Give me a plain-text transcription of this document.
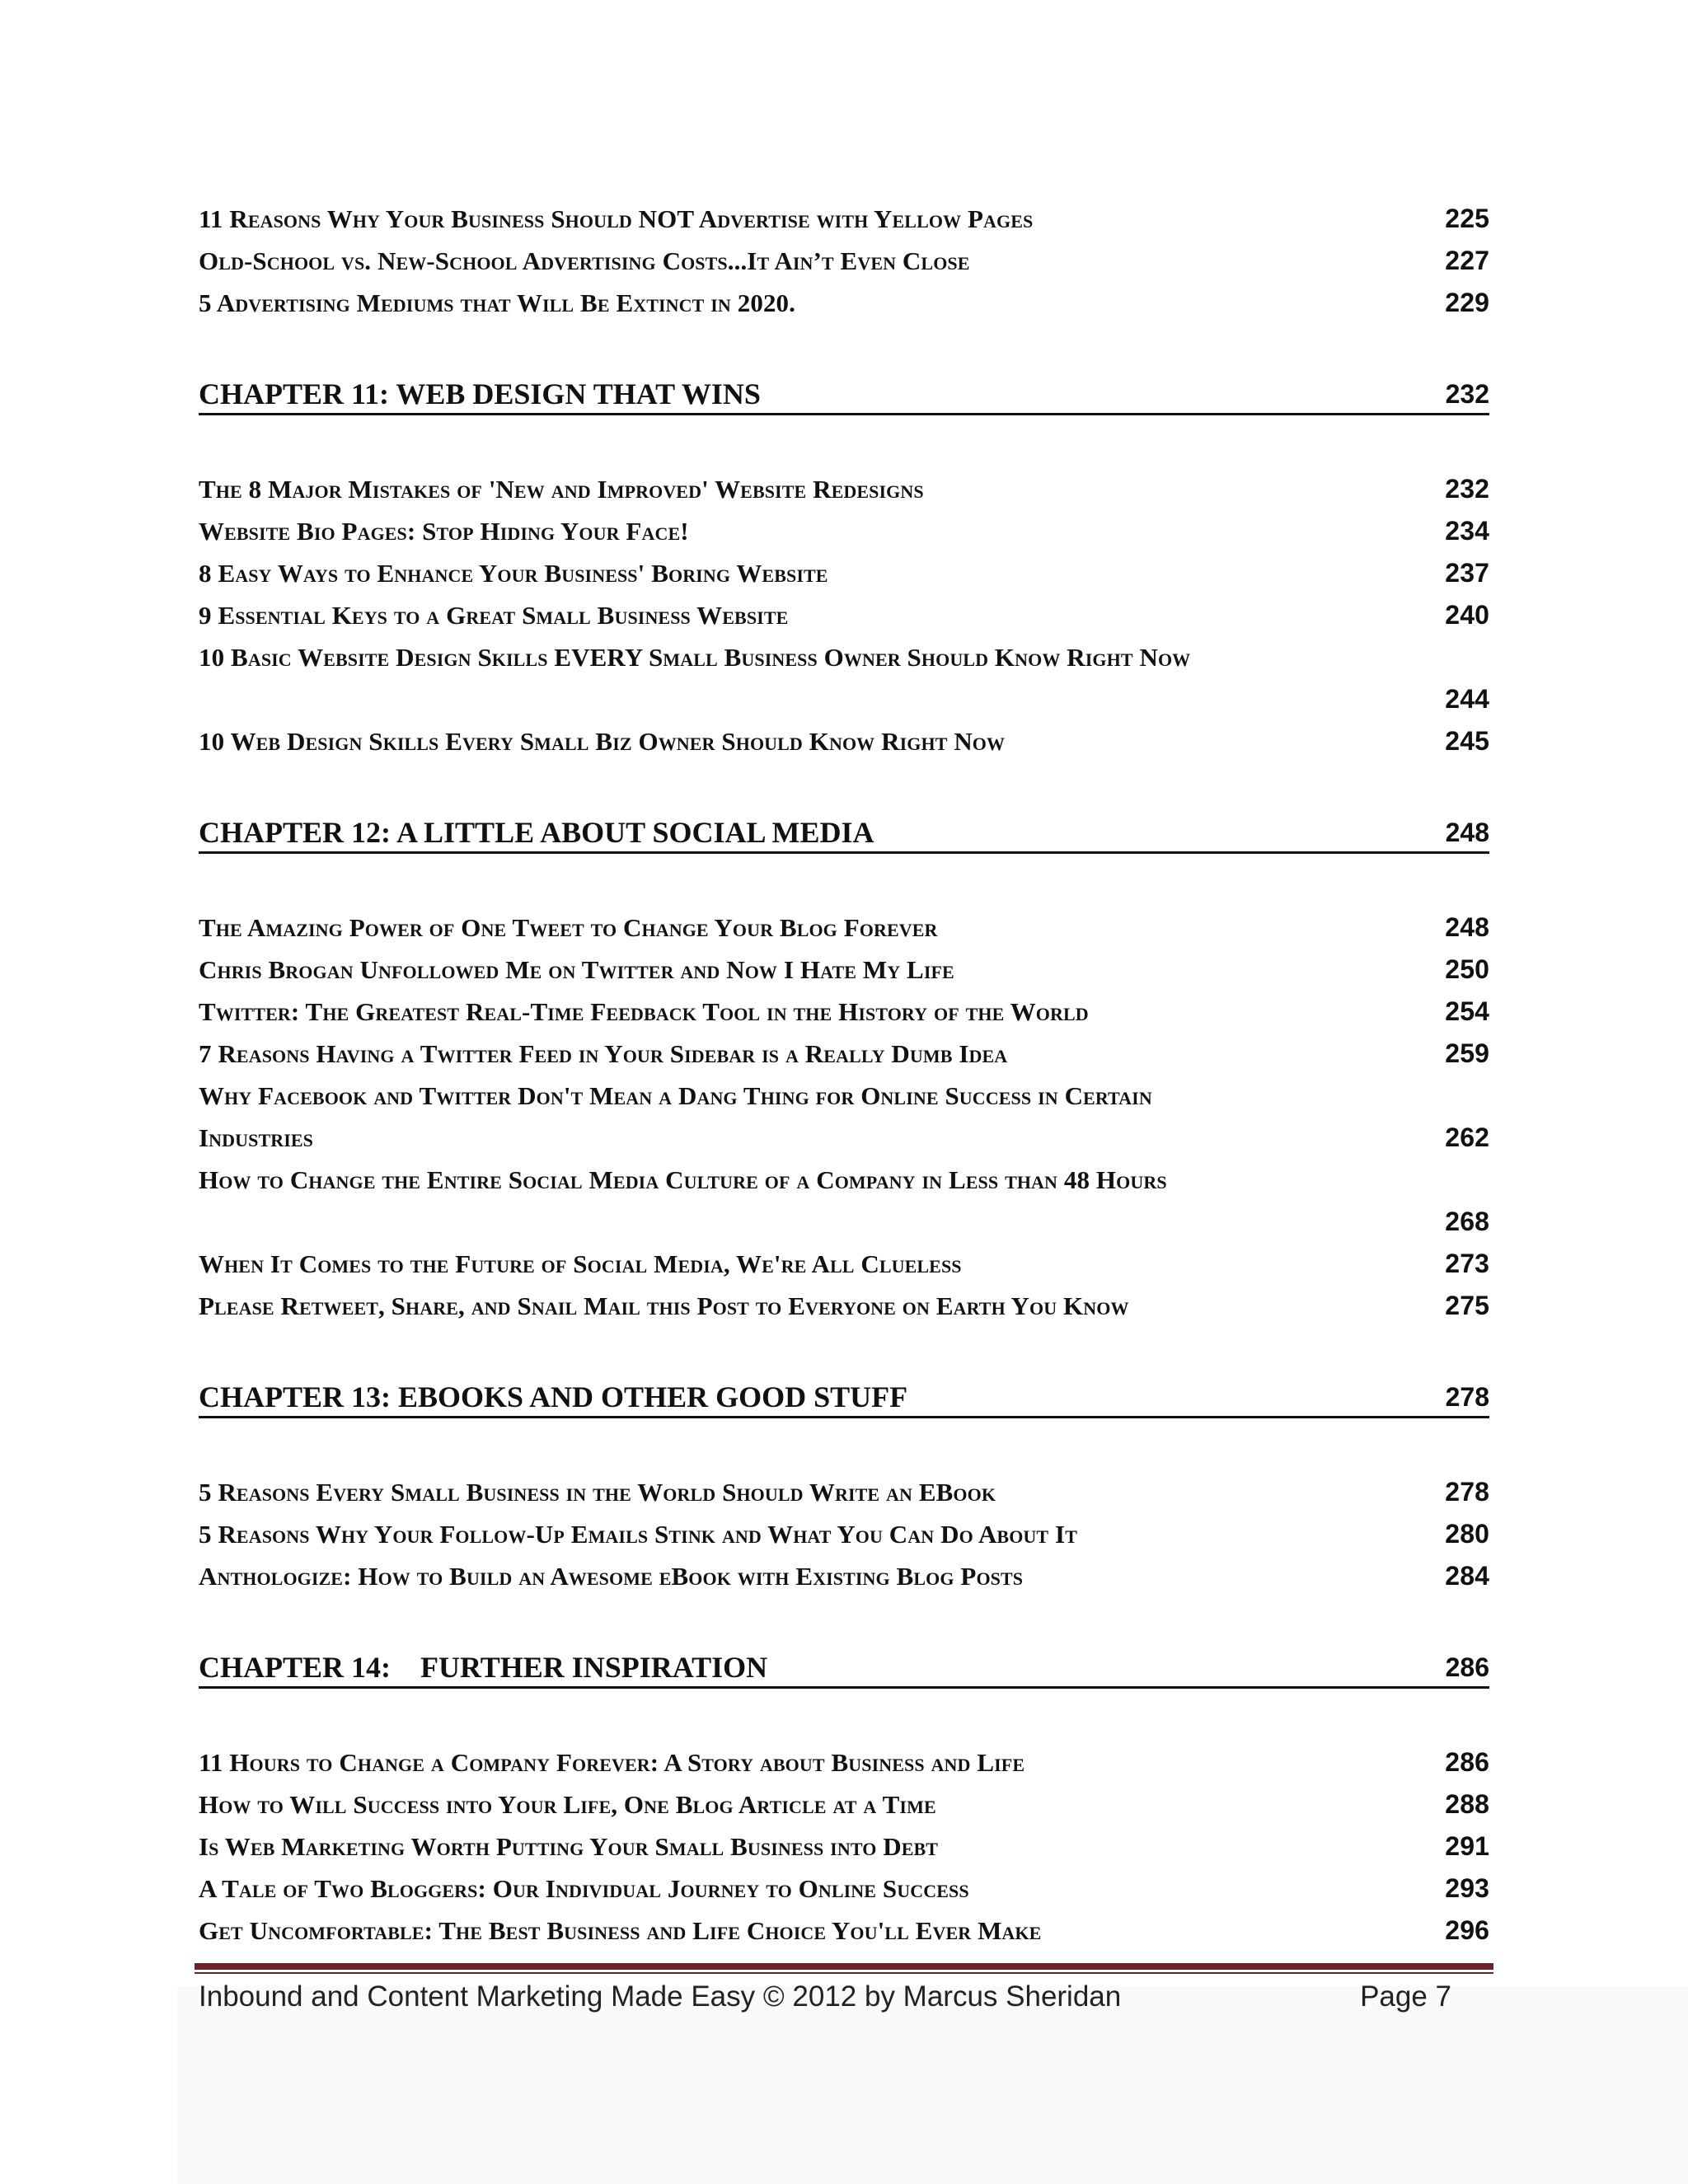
11 Reasons Why Your Business Should NOT Advertise with Yellow Pages	225
Old-School vs. New-School Advertising Costs...It Ain’t Even Close	227
5 Advertising Mediums that Will Be Extinct in 2020.	229
CHAPTER 11: WEB DESIGN THAT WINS	232
The 8 Major Mistakes of 'New and Improved' Website Redesigns	232
Website Bio Pages: Stop Hiding Your Face!	234
8 Easy Ways to Enhance Your Business' Boring Website	237
9 Essential Keys to a Great Small Business Website	240
10 Basic Website Design Skills EVERY Small Business Owner Should Know Right Now
244
10 Web Design Skills Every Small Biz Owner Should Know Right Now	245
CHAPTER 12: A LITTLE ABOUT SOCIAL MEDIA	248
The Amazing Power of One Tweet to Change Your Blog Forever	248
Chris Brogan Unfollowed Me on Twitter and Now I Hate My Life	250
Twitter: The Greatest Real-Time Feedback Tool in the History of the World	254
7 Reasons Having a Twitter Feed in Your Sidebar is a Really Dumb Idea	259
Why Facebook and Twitter Don't Mean a Dang Thing for Online Success in Certain
Industries	262
How to Change the Entire Social Media Culture of a Company in Less than 48 Hours
268
When It Comes to the Future of Social Media, We're All Clueless	273
Please Retweet, Share, and Snail Mail this Post to Everyone on Earth You Know	275
CHAPTER 13: EBOOKS AND OTHER GOOD STUFF	278
5 Reasons Every Small Business in the World Should Write an EBook	278
5 Reasons Why Your Follow-Up Emails Stink and What You Can Do About It	280
Anthologize: How to Build an Awesome eBook with Existing Blog Posts	284
CHAPTER 14:    FURTHER INSPIRATION	286
11 Hours to Change a Company Forever: A Story about Business and Life	286
How to Will Success into Your Life, One Blog Article at a Time	288
Is Web Marketing Worth Putting Your Small Business into Debt	291
A Tale of Two Bloggers: Our Individual Journey to Online Success	293
Get Uncomfortable: The Best Business and Life Choice You'll Ever Make	296
Inbound and Content Marketing Made Easy © 2012 by Marcus Sheridan	Page 7
